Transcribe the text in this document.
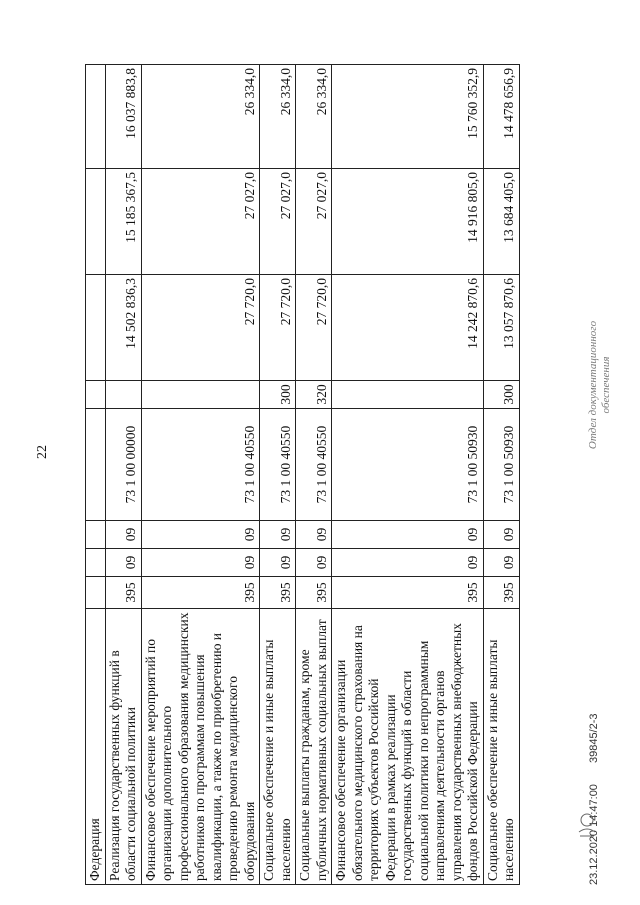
22
Федерация								
Реализация государственных функций в области социальной политики	395	09	09	73 1 00 00000		14 502 836,3	15 185 367,5	16 037 883,8
Финансовое обеспечение мероприятий по организации дополнительного профессионального образования медицинских работников по программам повышения квалификации, а также по приобретению и проведению ремонта медицинского оборудования	395	09	09	73 1 00 40550		27 720,0	27 027,0	26 334,0
Социальное обеспечение и иные выплаты населению	395	09	09	73 1 00 40550	300	27 720,0	27 027,0	26 334,0
Социальные выплаты гражданам, кроме публичных нормативных социальных выплат	395	09	09	73 1 00 40550	320	27 720,0	27 027,0	26 334,0
Финансовое обеспечение организации обязательного медицинского страхования на территориях субъектов Российской Федерации в рамках реализации государственных функций в области социальной политики по непрограммным направлениям деятельности органов управления государственных внебюджетных фондов Российской Федерации	395	09	09	73 1 00 50930		14 242 870,6	14 916 805,0	15 760 352,9
Социальное обеспечение и иные выплаты населению	395	09	09	73 1 00 50930	300	13 057 870,6	13 684 405,0	14 478 656,9
Отдел документационного обеспечения
23.12.2020 14:47:00 39845/2-3
